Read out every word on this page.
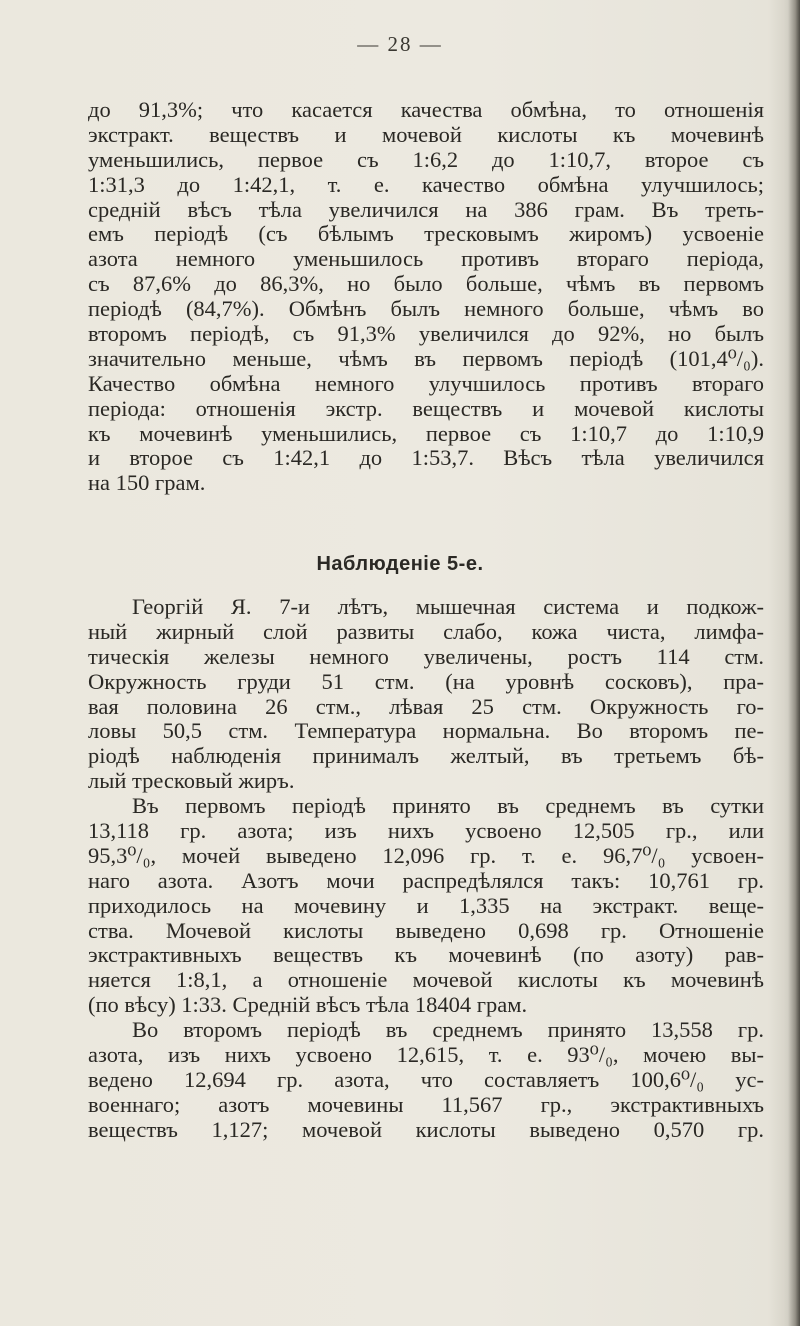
— 28 —
до 91,3%; что касается качества обмѣна, то отношенія
экстракт. веществъ и мочевой кислоты къ мочевинѣ
уменьшились, первое съ 1:6,2 до 1:10,7, второе съ
1:31,3 до 1:42,1, т. е. качество обмѣна улучшилось;
средній вѣсъ тѣла увеличился на 386 грам. Въ треть-
емъ періодѣ (съ бѣлымъ тресковымъ жиромъ) усвоеніе
азота немного уменьшилось противъ втораго періода,
съ 87,6% до 86,3%, но было больше, чѣмъ въ первомъ
періодѣ (84,7%). Обмѣнъ былъ немного больше, чѣмъ во
второмъ періодѣ, съ 91,3% увеличился до 92%, но былъ
значительно меньше, чѣмъ въ первомъ періодѣ (101,4⁰/₀).
Качество обмѣна немного улучшилось противъ втораго
періода: отношенія экстр. веществъ и мочевой кислоты
къ мочевинѣ уменьшились, первое съ 1:10,7 до 1:10,9
и второе съ 1:42,1 до 1:53,7. Вѣсъ тѣла увеличился
на 150 грам.
Наблюденіе 5-е.
Георгій Я. 7-и лѣтъ, мышечная система и подкож-
ный жирный слой развиты слабо, кожа чиста, лимфа-
тическія железы немного увеличены, ростъ 114 стм.
Окружность груди 51 стм. (на уровнѣ сосковъ), пра-
вая половина 26 стм., лѣвая 25 стм. Окружность го-
ловы 50,5 стм. Температура нормальна. Во второмъ пе-
ріодѣ наблюденія принималъ желтый, въ третьемъ бѣ-
лый тресковый жиръ.
Въ первомъ періодѣ принято въ среднемъ въ сутки
13,118 гр. азота; изъ нихъ усвоено 12,505 гр., или
95,3⁰/₀, мочей выведено 12,096 гр. т. е. 96,7⁰/₀ усвоен-
наго азота. Азотъ мочи распредѣлялся такъ: 10,761 гр.
приходилось на мочевину и 1,335 на экстракт. веще-
ства. Мочевой кислоты выведено 0,698 гр. Отношеніе
экстрактивныхъ веществъ къ мочевинѣ (по азоту) рав-
няется 1:8,1, а отношеніе мочевой кислоты къ мочевинѣ
(по вѣсу) 1:33. Средній вѣсъ тѣла 18404 грам.
Во второмъ періодѣ въ среднемъ принято 13,558 гр.
азота, изъ нихъ усвоено 12,615, т. е. 93⁰/₀, мочею вы-
ведено 12,694 гр. азота, что составляетъ 100,6⁰/₀ ус-
военнаго; азотъ мочевины 11,567 гр., экстрактивныхъ
веществъ 1,127; мочевой кислоты выведено 0,570 гр.
